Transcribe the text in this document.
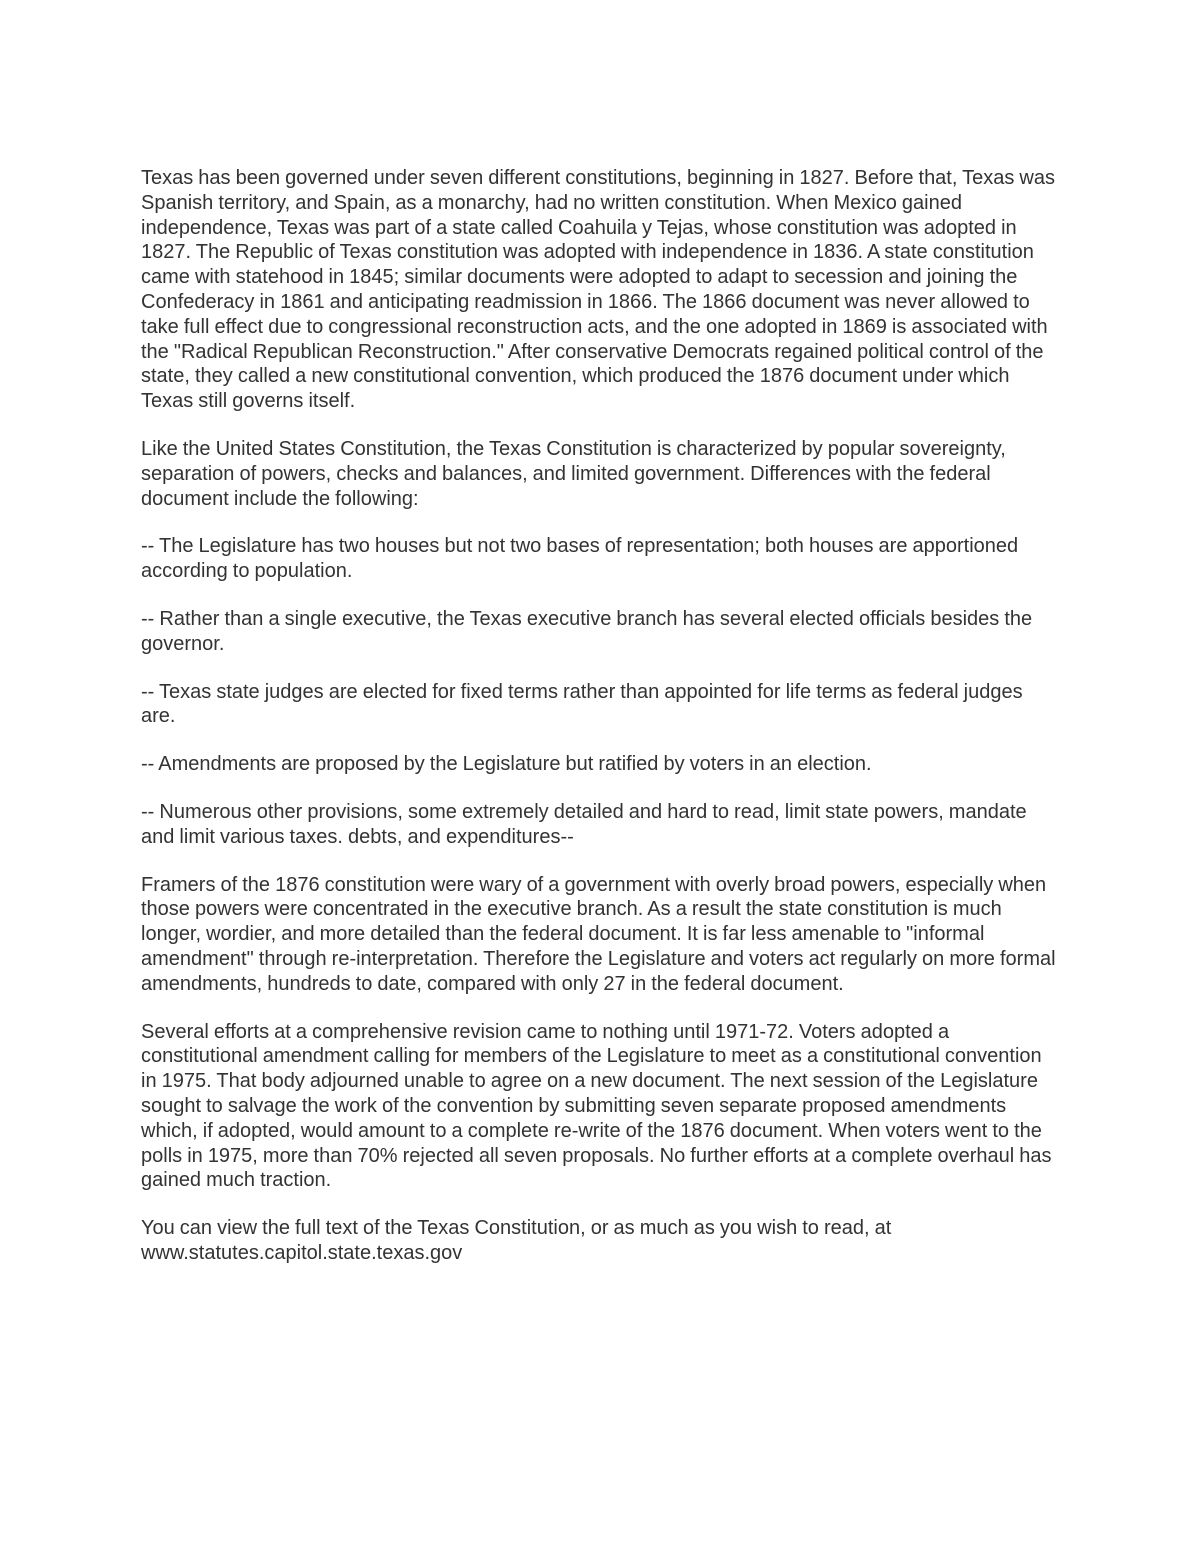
Texas has been governed under seven different constitutions, beginning in 1827. Before that, Texas was Spanish territory, and Spain, as a monarchy, had no written constitution. When Mexico gained independence, Texas was part of a state called Coahuila y Tejas, whose constitution was adopted in 1827. The Republic of Texas constitution was adopted with independence in 1836. A state constitution came with statehood in 1845; similar documents were adopted to adapt to secession and joining the Confederacy in 1861 and anticipating readmission in 1866. The 1866 document was never allowed to take full effect due to congressional reconstruction acts, and the one adopted in 1869 is associated with the "Radical Republican Reconstruction." After conservative Democrats regained political control of the state, they called a new constitutional convention, which produced the 1876 document under which Texas still governs itself.

Like the United States Constitution, the Texas Constitution is characterized by popular sovereignty, separation of powers, checks and balances, and limited government. Differences with the federal document include the following:

-- The Legislature has two houses but not two bases of representation; both houses are apportioned according to population.

-- Rather than a single executive, the Texas executive branch has several elected officials besides the governor.

-- Texas state judges are elected for fixed terms rather than appointed for life terms as federal judges are.

-- Amendments are proposed by the Legislature but ratified by voters in an election.

-- Numerous other provisions, some extremely detailed and hard to read, limit state powers, mandate and limit various taxes. debts, and expenditures--

Framers of the 1876 constitution were wary of a government with overly broad powers, especially when those powers were concentrated in the executive branch. As a result the state constitution is much longer, wordier, and more detailed than the federal document. It is far less amenable to "informal amendment" through re-interpretation. Therefore the Legislature and voters act regularly on more formal amendments, hundreds to date, compared with only 27 in the federal document.

Several efforts at a comprehensive revision came to nothing until 1971-72. Voters adopted a constitutional amendment calling for members of the Legislature to meet as a constitutional convention in 1975. That body adjourned unable to agree on a new document. The next session of the Legislature sought to salvage the work of the convention by submitting seven separate proposed amendments which, if adopted, would amount to a complete re-write of the 1876 document. When voters went to the polls in 1975, more than 70% rejected all seven proposals. No further efforts at a complete overhaul has gained much traction.

You can view the full text of the Texas Constitution, or as much as you wish to read, at www.statutes.capitol.state.texas.gov
